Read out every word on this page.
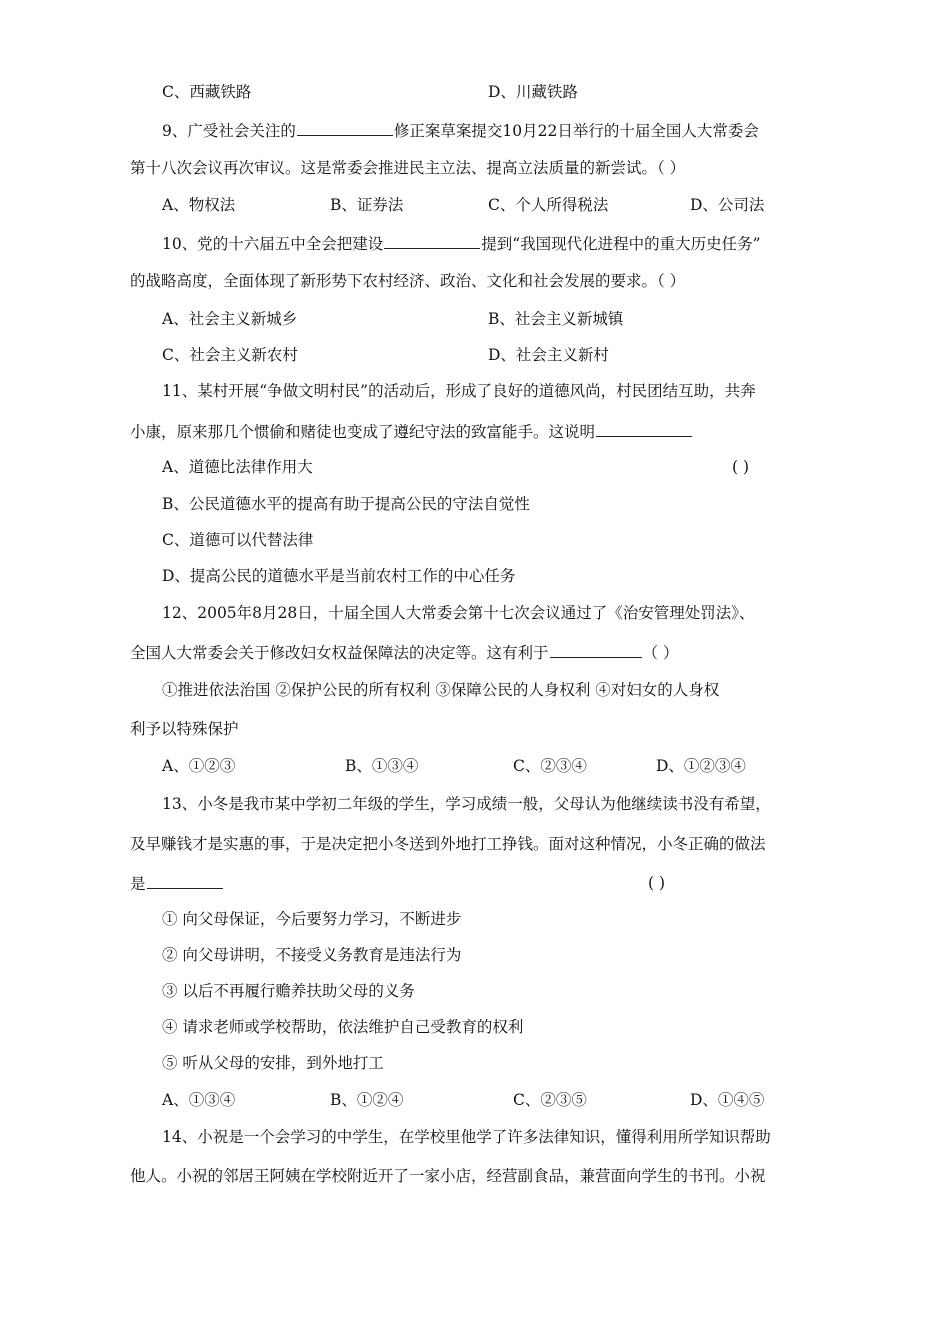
C、西藏铁路	D、川藏铁路
9、广受社会关注的	修正案草案提交10月22日举行的十届全国人大常委会
第十八次会议再次审议。这是常委会推进民主立法、提高立法质量的新尝试。（ ）
A、物权法	B、证券法	C、个人所得税法	D、公司法
10、党的十六届五中全会把建设	提到“我国现代化进程中的重大历史任务”
的战略高度，全面体现了新形势下农村经济、政治、文化和社会发展的要求。（ ）
A、社会主义新城乡	B、社会主义新城镇
C、社会主义新农村	D、社会主义新村
11、某村开展“争做文明村民”的活动后，形成了良好的道德风尚，村民团结互助，共奔
小康，原来那几个惯偷和赌徒也变成了遵纪守法的致富能手。这说明
A、道德比法律作用大	( )
B、公民道德水平的提高有助于提高公民的守法自觉性
C、道德可以代替法律
D、提高公民的道德水平是当前农村工作的中心任务
12、2005年8月28日，十届全国人大常委会第十七次会议通过了《治安管理处罚法》、
全国人大常委会关于修改妇女权益保障法的决定等。这有利于	（ ）
①推进依法治国 ②保护公民的所有权利 ③保障公民的人身权利 ④对妇女的人身权
利予以特殊保护
A、①②③	B、①③④	C、②③④	D、①②③④
13、小冬是我市某中学初二年级的学生，学习成绩一般，父母认为他继续读书没有希望，
及早赚钱才是实惠的事，于是决定把小冬送到外地打工挣钱。面对这种情况，小冬正确的做法
是	( )
① 向父母保证，今后要努力学习，不断进步
② 向父母讲明，不接受义务教育是违法行为
③ 以后不再履行赡养扶助父母的义务
④ 请求老师或学校帮助，依法维护自己受教育的权利
⑤ 听从父母的安排，到外地打工
A、①③④	B、①②④	C、②③⑤	D、①④⑤
14、小祝是一个会学习的中学生，在学校里他学了许多法律知识，懂得利用所学知识帮助
他人。小祝的邻居王阿姨在学校附近开了一家小店，经营副食品，兼营面向学生的书刊。小祝
